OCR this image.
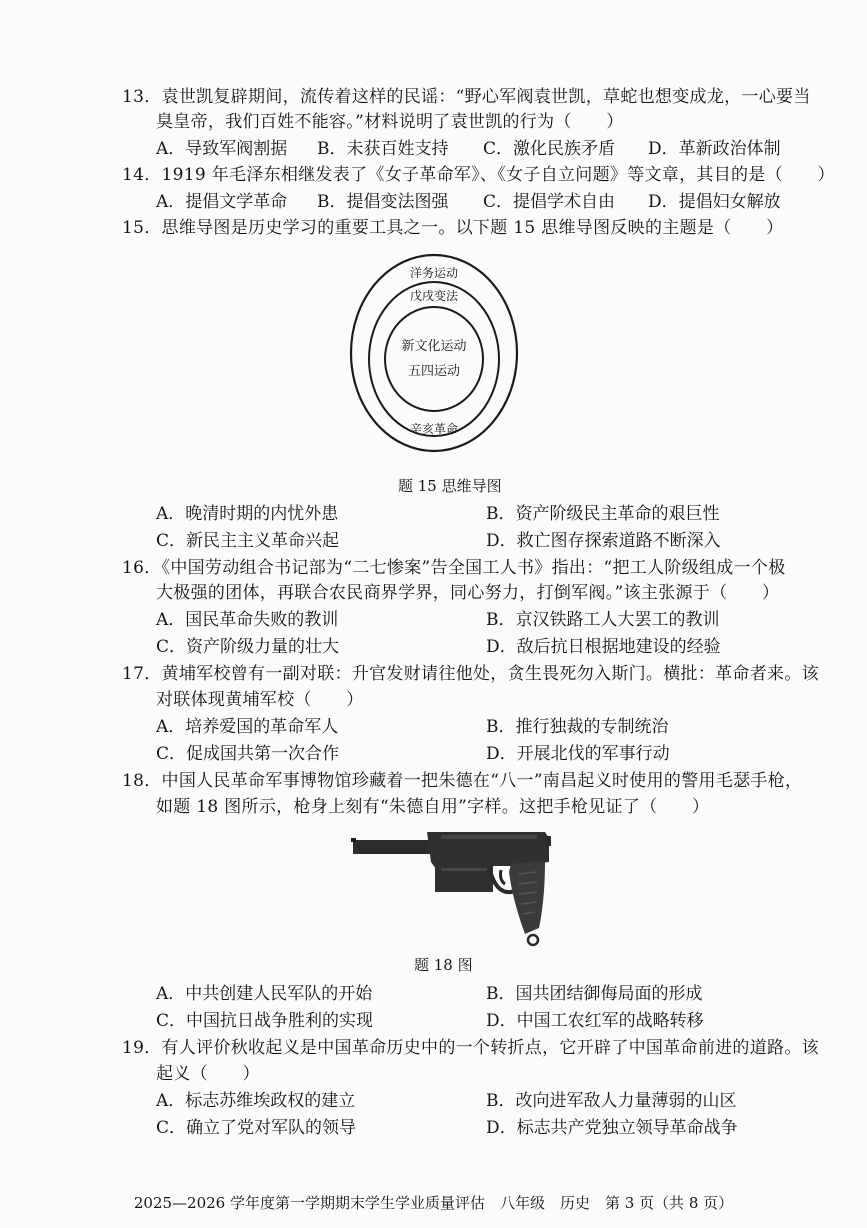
13．袁世凯复辟期间，流传着这样的民谣：“野心军阀袁世凯，草蛇也想变成龙，一心要当
臭皇帝，我们百姓不能容。”材料说明了袁世凯的行为（　　）
A．导致军阀割据 B．未获百姓支持 C．激化民族矛盾 D．革新政治体制
14．1919 年毛泽东相继发表了《女子革命军》、《女子自立问题》等文章，其目的是（　　）
A．提倡文学革命 B．提倡变法图强 C．提倡学术自由 D．提倡妇女解放
15．思维导图是历史学习的重要工具之一。以下题 15 思维导图反映的主题是（　　）
洋务运动
戊戌变法
新文化运动
五四运动
辛亥革命
题 15 思维导图
A．晚清时期的内忧外患	B．资产阶级民主革命的艰巨性
C．新民主主义革命兴起	D．救亡图存探索道路不断深入
16．《中国劳动组合书记部为“二七惨案”告全国工人书》指出：“把工人阶级组成一个极
大极强的团体，再联合农民商界学界，同心努力，打倒军阀。”该主张源于（　　）
A．国民革命失败的教训	B．京汉铁路工人大罢工的教训
C．资产阶级力量的壮大	D．敌后抗日根据地建设的经验
17．黄埔军校曾有一副对联：升官发财请往他处，贪生畏死勿入斯门。横批：革命者来。该
对联体现黄埔军校（　　）
A．培养爱国的革命军人	B．推行独裁的专制统治
C．促成国共第一次合作	D．开展北伐的军事行动
18．中国人民革命军事博物馆珍藏着一把朱德在“八一”南昌起义时使用的警用毛瑟手枪，
如题 18 图所示，枪身上刻有“朱德自用”字样。这把手枪见证了（　　）
题 18 图
A．中共创建人民军队的开始	B．国共团结御侮局面的形成
C．中国抗日战争胜利的实现	D．中国工农红军的战略转移
19．有人评价秋收起义是中国革命历史中的一个转折点，它开辟了中国革命前进的道路。该
起义（　　）
A．标志苏维埃政权的建立	B．改向进军敌人力量薄弱的山区
C．确立了党对军队的领导	D．标志共产党独立领导革命战争
2025—2026 学年度第一学期期末学生学业质量评估　八年级　历史　第 3 页（共 8 页）
